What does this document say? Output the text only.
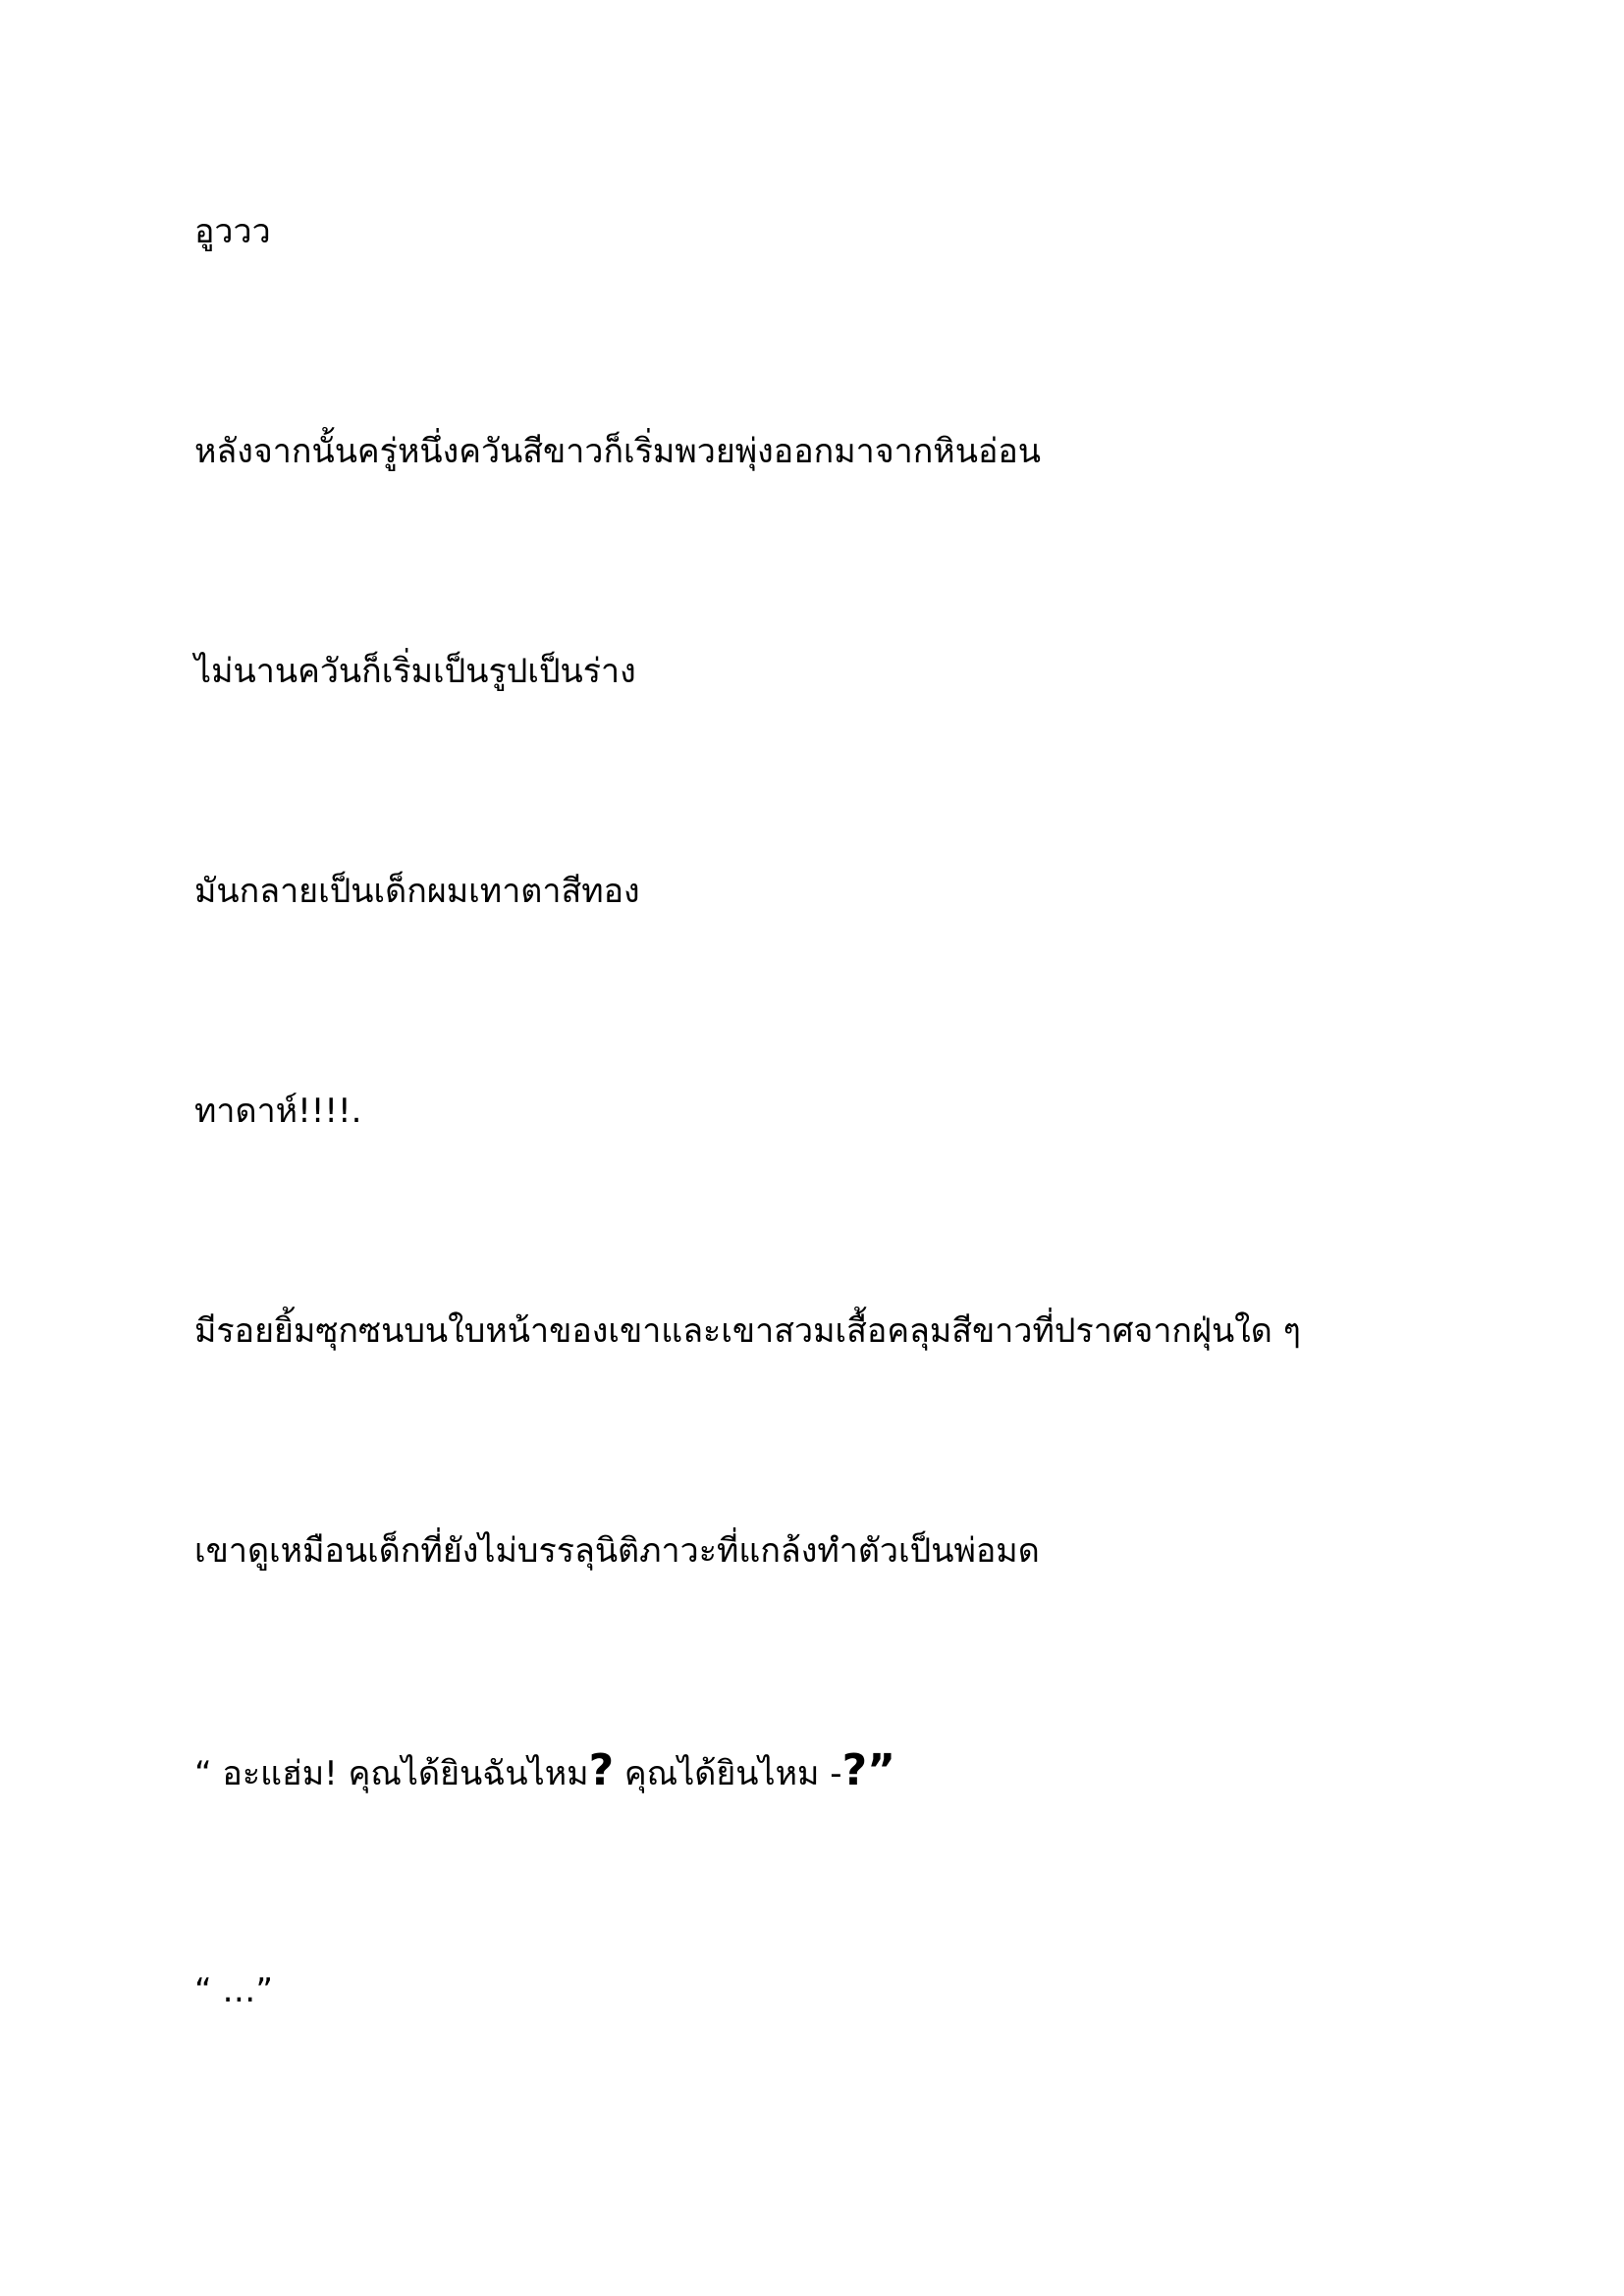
อูววว

หลังจากนั้นครู่หนึ่งควันสีขาวก็เริ่มพวยพุ่งออกมาจากหินอ่อน

ไม่นานควันก็เริ่มเป็นรูปเป็นร่าง

มันกลายเป็นเด็กผมเทาตาสีทอง

ทาดาห์!!!!.

มีรอยยิ้มซุกซนบนใบหน้าของเขาและเขาสวมเสื้อคลุมสีขาวที่ปราศจากฝุ่นใด ๆ

เขาดูเหมือนเด็กที่ยังไม่บรรลุนิติภาวะที่แกล้งทำตัวเป็นพ่อมด

“ อะแฮ่ม! คุณได้ยินฉันไหม? คุณได้ยินไหม -?”

“ …”
